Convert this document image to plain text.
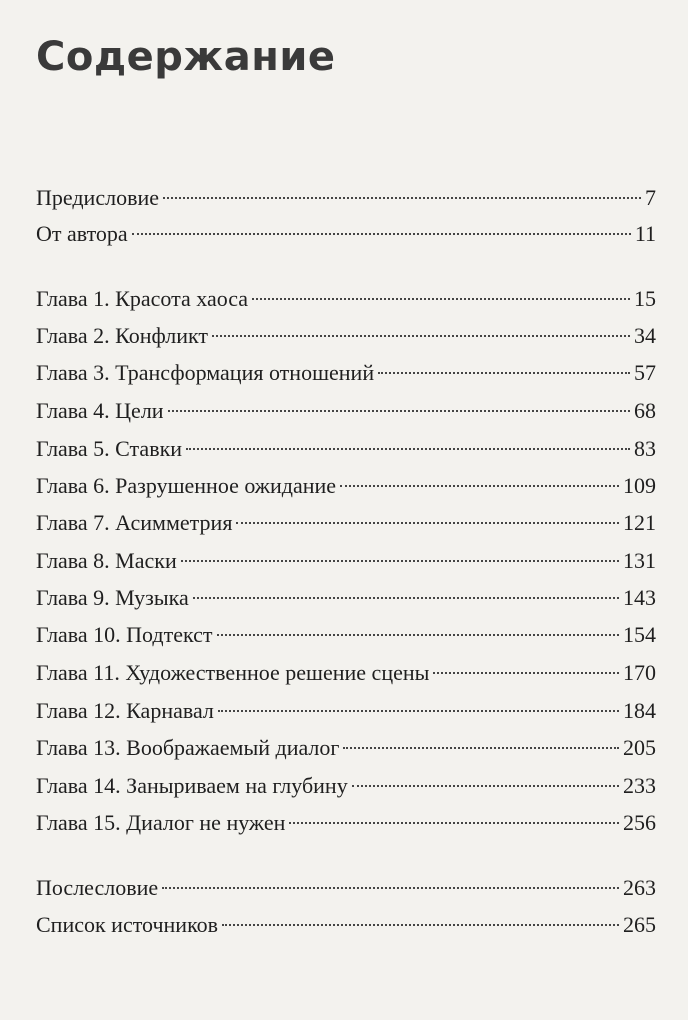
Содержание
Предисловие	7
От автора	11
Глава 1. Красота хаоса	15
Глава 2. Конфликт	34
Глава 3. Трансформация отношений	57
Глава 4. Цели	68
Глава 5. Ставки	83
Глава 6. Разрушенное ожидание	109
Глава 7. Асимметрия	121
Глава 8. Маски	131
Глава 9. Музыка	143
Глава 10. Подтекст	154
Глава 11. Художественное решение сцены	170
Глава 12. Карнавал	184
Глава 13. Воображаемый диалог	205
Глава 14. Заныриваем на глубину	233
Глава 15. Диалог не нужен	256
Послесловие	263
Список источников	265
